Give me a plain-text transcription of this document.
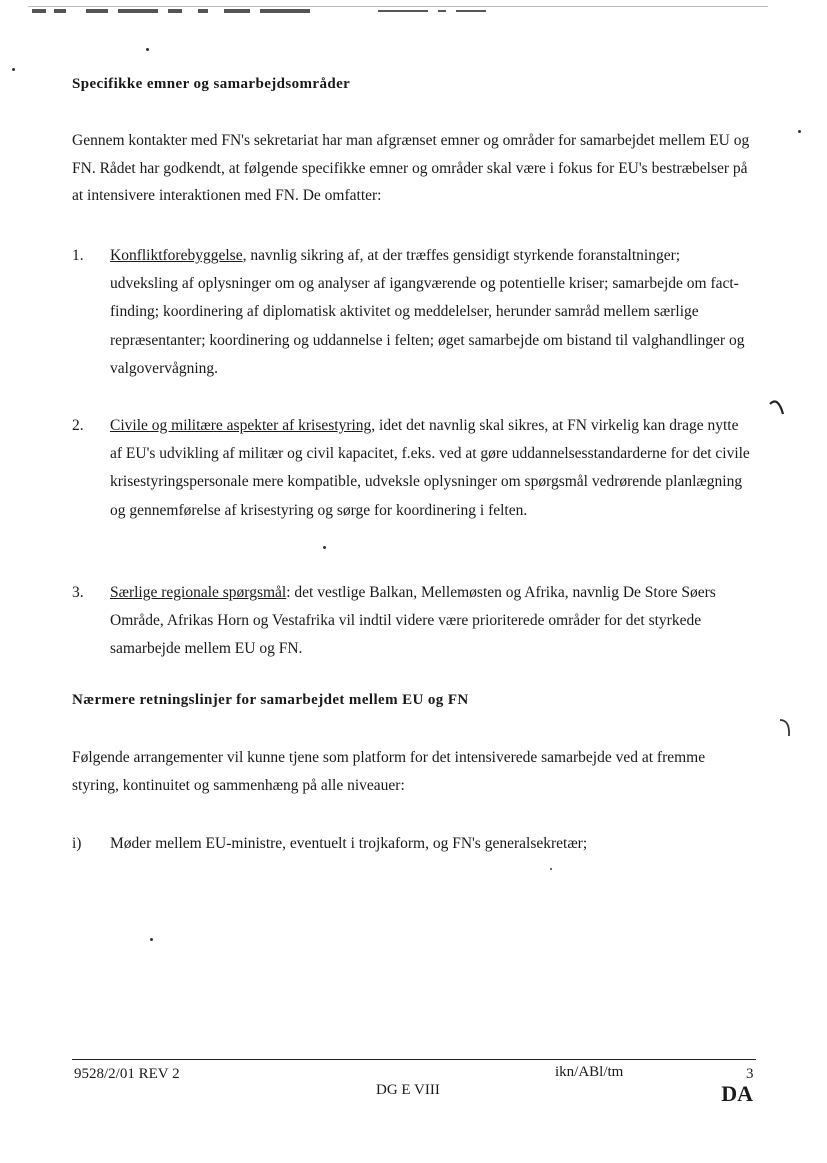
Specifikke emner og samarbejdsområder

Gennem kontakter med FN's sekretariat har man afgrænset emner og områder for samarbejdet mellem EU og FN. Rådet har godkendt, at følgende specifikke emner og områder skal være i fokus for EU's bestræbelser på at intensivere interaktionen med FN. De omfatter:

1. Konfliktforebyggelse, navnlig sikring af, at der træffes gensidigt styrkende foranstaltninger; udveksling af oplysninger om og analyser af igangværende og potentielle kriser; samarbejde om fact-finding; koordinering af diplomatisk aktivitet og meddelelser, herunder samråd mellem særlige repræsentanter; koordinering og uddannelse i felten; øget samarbejde om bistand til valghandlinger og valgovervågning.
2. Civile og militære aspekter af krisestyring, idet det navnlig skal sikres, at FN virkelig kan drage nytte af EU's udvikling af militær og civil kapacitet, f.eks. ved at gøre uddannelsesstandarderne for det civile krisestyringspersonale mere kompatible, udveksle oplysninger om spørgsmål vedrørende planlægning og gennemførelse af krisestyring og sørge for koordinering i felten.
3. Særlige regionale spørgsmål: det vestlige Balkan, Mellemøsten og Afrika, navnlig De Store Søers Område, Afrikas Horn og Vestafrika vil indtil videre være prioriterede områder for det styrkede samarbejde mellem EU og FN.
Nærmere retningslinjer for samarbejdet mellem EU og FN

Følgende arrangementer vil kunne tjene som platform for det intensiverede samarbejde ved at fremme styring, kontinuitet og sammenhæng på alle niveauer:

i) Møder mellem EU-ministre, eventuelt i trojkaform, og FN's generalsekretær;
9528/2/01 REV 2	ikn/ABl/tm	3
DG E VIII	DA
